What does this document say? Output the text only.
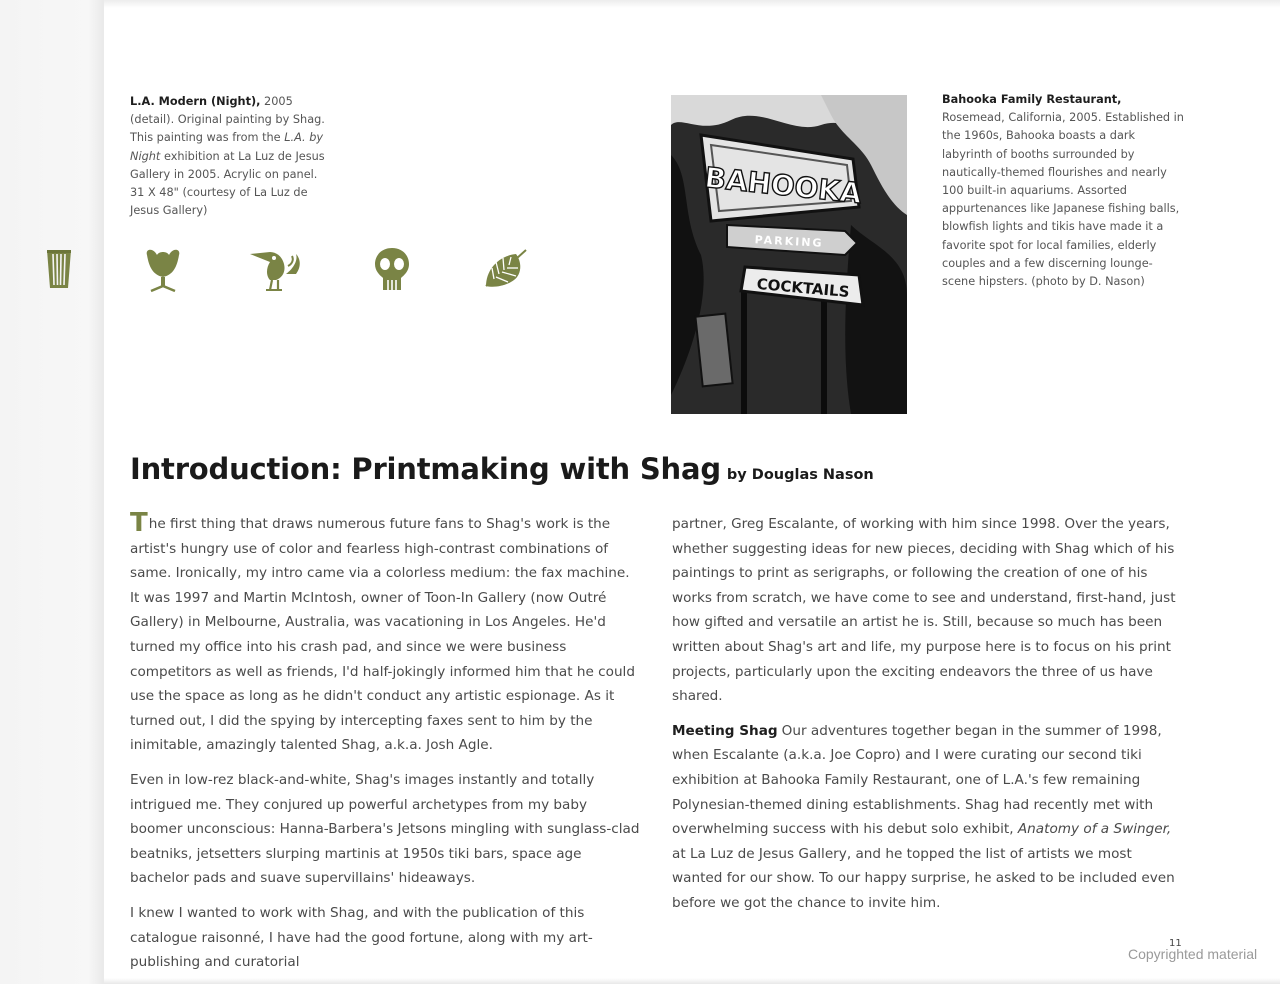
L.A. Modern (Night), 2005 (detail). Original painting by Shag. This painting was from the L.A. by Night exhibition at La Luz de Jesus Gallery in 2005. Acrylic on panel. 31 X 48" (courtesy of La Luz de Jesus Gallery)
BAHOOKA
PARKING
COCKTAILS
Bahooka Family Restaurant, Rosemead, California, 2005. Established in the 1960s, Bahooka boasts a dark labyrinth of booths surrounded by nautically-themed flourishes and nearly 100 built-in aquariums. Assorted appurtenances like Japanese fishing balls, blowfish lights and tikis have made it a favorite spot for local families, elderly couples and a few discerning lounge-scene hipsters. (photo by D. Nason)
Introduction: Printmaking with Shag by Douglas Nason

The first thing that draws numerous future fans to Shag's work is the artist's hungry use of color and fearless high-contrast combinations of same. Ironically, my intro came via a colorless medium: the fax machine. It was 1997 and Martin McIntosh, owner of Toon-In Gallery (now Outré Gallery) in Melbourne, Australia, was vacationing in Los Angeles. He'd turned my office into his crash pad, and since we were business competitors as well as friends, I'd half-jokingly informed him that he could use the space as long as he didn't conduct any artistic espionage. As it turned out, I did the spying by intercepting faxes sent to him by the inimitable, amazingly talented Shag, a.k.a. Josh Agle.

Even in low-rez black-and-white, Shag's images instantly and totally intrigued me. They conjured up powerful archetypes from my baby boomer unconscious: Hanna-Barbera's Jetsons mingling with sunglass-clad beatniks, jetsetters slurping martinis at 1950s tiki bars, space age bachelor pads and suave supervillains' hideaways.

I knew I wanted to work with Shag, and with the publication of this catalogue raisonné, I have had the good fortune, along with my art-publishing and curatorial

partner, Greg Escalante, of working with him since 1998. Over the years, whether suggesting ideas for new pieces, deciding with Shag which of his paintings to print as serigraphs, or following the creation of one of his works from scratch, we have come to see and understand, first-hand, just how gifted and versatile an artist he is. Still, because so much has been written about Shag's art and life, my purpose here is to focus on his print projects, particularly upon the exciting endeavors the three of us have shared.

Meeting Shag Our adventures together began in the summer of 1998, when Escalante (a.k.a. Joe Copro) and I were curating our second tiki exhibition at Bahooka Family Restaurant, one of L.A.'s few remaining Polynesian-themed dining establishments. Shag had recently met with overwhelming success with his debut solo exhibit, Anatomy of a Swinger, at La Luz de Jesus Gallery, and he topped the list of artists we most wanted for our show. To our happy surprise, he asked to be included even before we got the chance to invite him.

11
Copyrighted material
